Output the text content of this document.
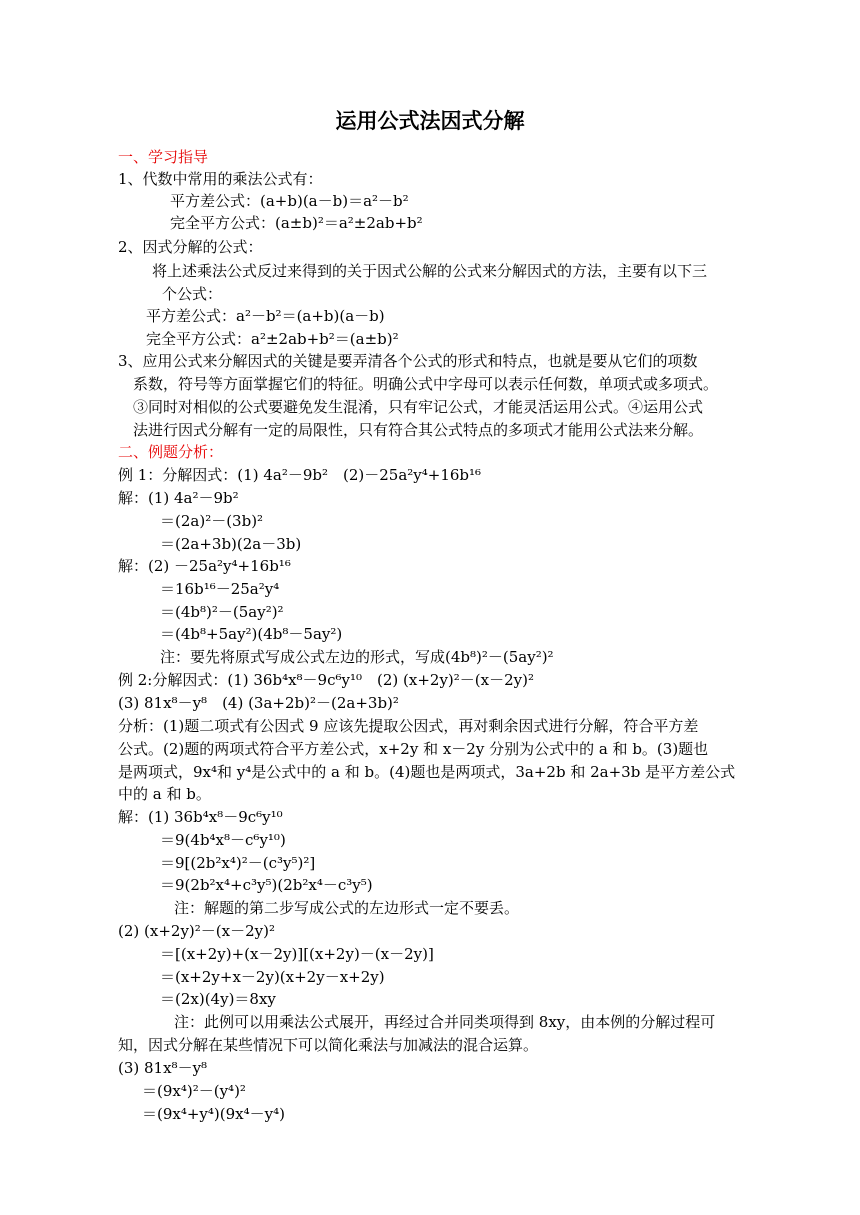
运用公式法因式分解
一、学习指导
1、代数中常用的乘法公式有：
平方差公式：(a+b)(a－b)＝a²－b²
完全平方公式：(a±b)²＝a²±2ab+b²
2、因式分解的公式：
将上述乘法公式反过来得到的关于因式公解的公式来分解因式的方法，主要有以下三
个公式：
平方差公式：a²－b²＝(a+b)(a－b)
完全平方公式：a²±2ab+b²＝(a±b)²
3、应用公式来分解因式的关键是要弄清各个公式的形式和特点，也就是要从它们的项数
系数，符号等方面掌握它们的特征。明确公式中字母可以表示任何数，单项式或多项式。
③同时对相似的公式要避免发生混淆，只有牢记公式，才能灵活运用公式。④运用公式
法进行因式分解有一定的局限性，只有符合其公式特点的多项式才能用公式法来分解。
二、例题分析：
例 1：分解因式：(1) 4a²－9b²　(2)－25a²y⁴+16b¹⁶
解：(1) 4a²－9b²
＝(2a)²－(3b)²
＝(2a+3b)(2a－3b)
解：(2) －25a²y⁴+16b¹⁶
＝16b¹⁶－25a²y⁴
＝(4b⁸)²－(5ay²)²
＝(4b⁸+5ay²)(4b⁸－5ay²)
注：要先将原式写成公式左边的形式，写成(4b⁸)²－(5ay²)²
例 2:分解因式：(1) 36b⁴x⁸－9c⁶y¹⁰　(2) (x+2y)²－(x－2y)²
(3) 81x⁸－y⁸　(4) (3a+2b)²－(2a+3b)²
分析：(1)题二项式有公因式 9 应该先提取公因式，再对剩余因式进行分解，符合平方差
公式。(2)题的两项式符合平方差公式，x+2y 和 x－2y 分别为公式中的 a 和 b。(3)题也
是两项式，9x⁴和 y⁴是公式中的 a 和 b。(4)题也是两项式，3a+2b 和 2a+3b 是平方差公式
中的 a 和 b。
解：(1) 36b⁴x⁸－9c⁶y¹⁰
＝9(4b⁴x⁸－c⁶y¹⁰)
＝9[(2b²x⁴)²－(c³y⁵)²]
＝9(2b²x⁴+c³y⁵)(2b²x⁴－c³y⁵)
注：解题的第二步写成公式的左边形式一定不要丢。
(2) (x+2y)²－(x－2y)²
＝[(x+2y)+(x－2y)][(x+2y)－(x－2y)]
＝(x+2y+x－2y)(x+2y－x+2y)
＝(2x)(4y)＝8xy
注：此例可以用乘法公式展开，再经过合并同类项得到 8xy，由本例的分解过程可
知，因式分解在某些情况下可以简化乘法与加减法的混合运算。
(3) 81x⁸－y⁸
＝(9x⁴)²－(y⁴)²
＝(9x⁴+y⁴)(9x⁴－y⁴)
